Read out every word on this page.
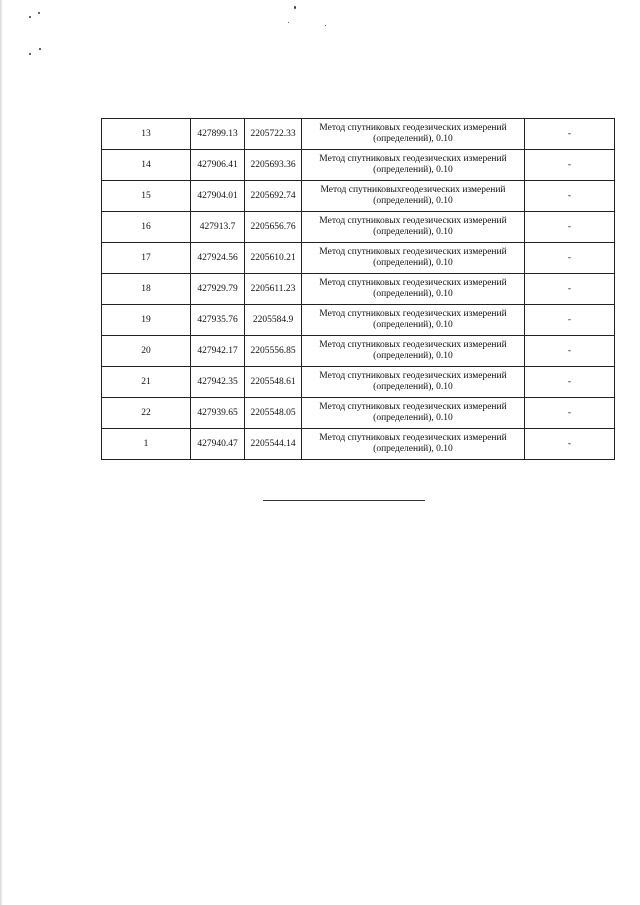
13	427899.13	2205722.33	Метод спутниковых геодезических измерений (определений), 0.10	-
14	427906.41	2205693.36	Метод спутниковых геодезических измерений (определений), 0.10	-
15	427904.01	2205692.74	Метод спутниковыхгеодезических измерений (определений), 0.10	-
16	427913.7	2205656.76	Метод спутниковых геодезических измерений (определений), 0.10	-
17	427924.56	2205610.21	Метод спутниковых геодезических измерений (определений), 0.10	-
18	427929.79	2205611.23	Метод спутниковых геодезических измерений (определений), 0.10	-
19	427935.76	2205584.9	Метод спутниковых геодезических измерений (определений), 0.10	-
20	427942.17	2205556.85	Метод спутниковых геодезических измерений (определений), 0.10	-
21	427942.35	2205548.61	Метод спутниковых геодезических измерений (определений), 0.10	-
22	427939.65	2205548.05	Метод спутниковых геодезических измерений (определений), 0.10	-
1	427940.47	2205544.14	Метод спутниковых геодезических измерений (определений), 0.10	-
